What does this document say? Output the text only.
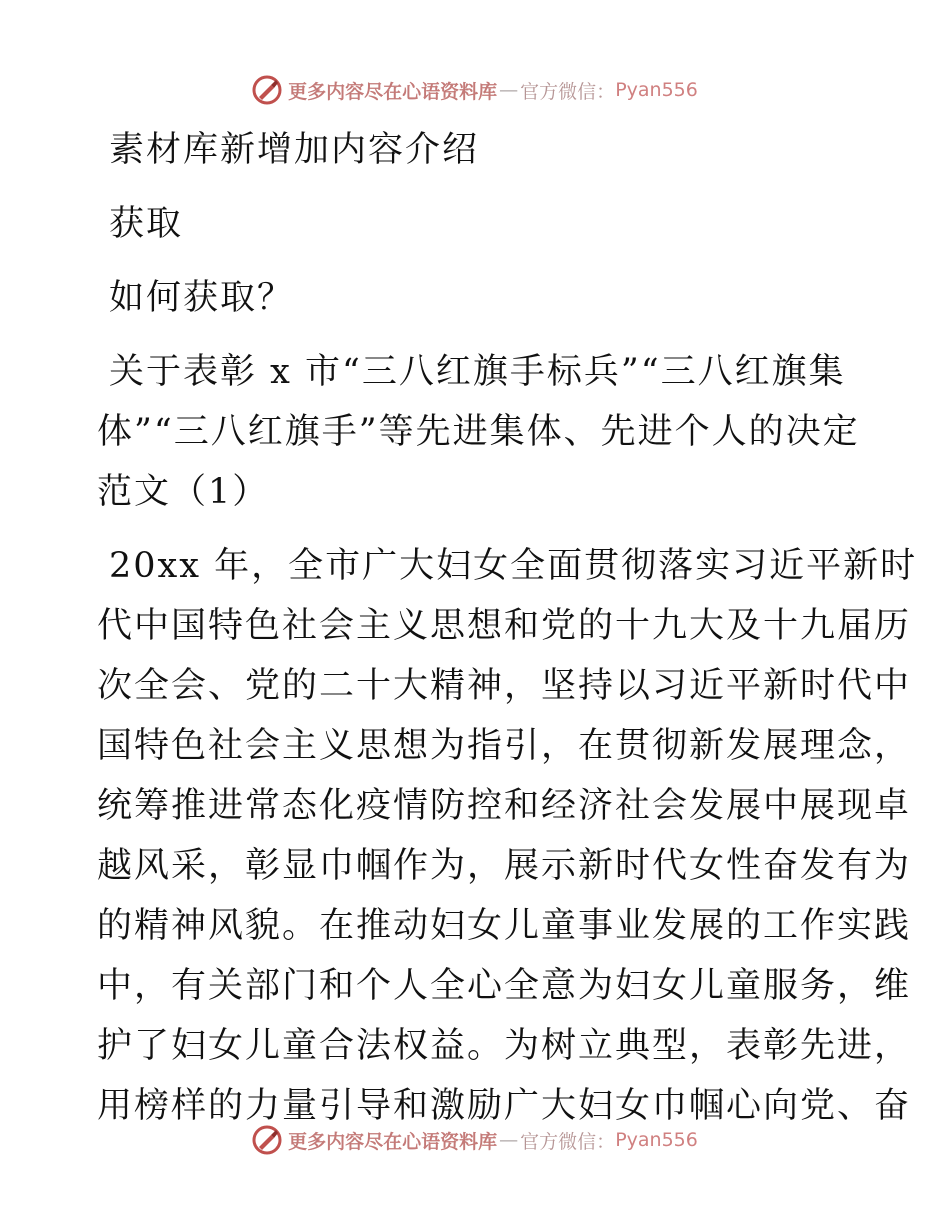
更多内容尽在心语资料库 — 官方微信： Pyan556
素材库新增加内容介绍
获取
如何获取？
关于表彰 x 市“三八红旗手标兵”“三八红旗集
体”“三八红旗手”等先进集体、先进个人的决定
范文（1）
20xx 年，全市广大妇女全面贯彻落实习近平新时
代中国特色社会主义思想和党的十九大及十九届历
次全会、党的二十大精神，坚持以习近平新时代中
国特色社会主义思想为指引，在贯彻新发展理念，
统筹推进常态化疫情防控和经济社会发展中展现卓
越风采，彰显巾帼作为，展示新时代女性奋发有为
的精神风貌。在推动妇女儿童事业发展的工作实践
中，有关部门和个人全心全意为妇女儿童服务，维
护了妇女儿童合法权益。为树立典型，表彰先进，
用榜样的力量引导和激励广大妇女巾帼心向党、奋
更多内容尽在心语资料库 — 官方微信： Pyan556
